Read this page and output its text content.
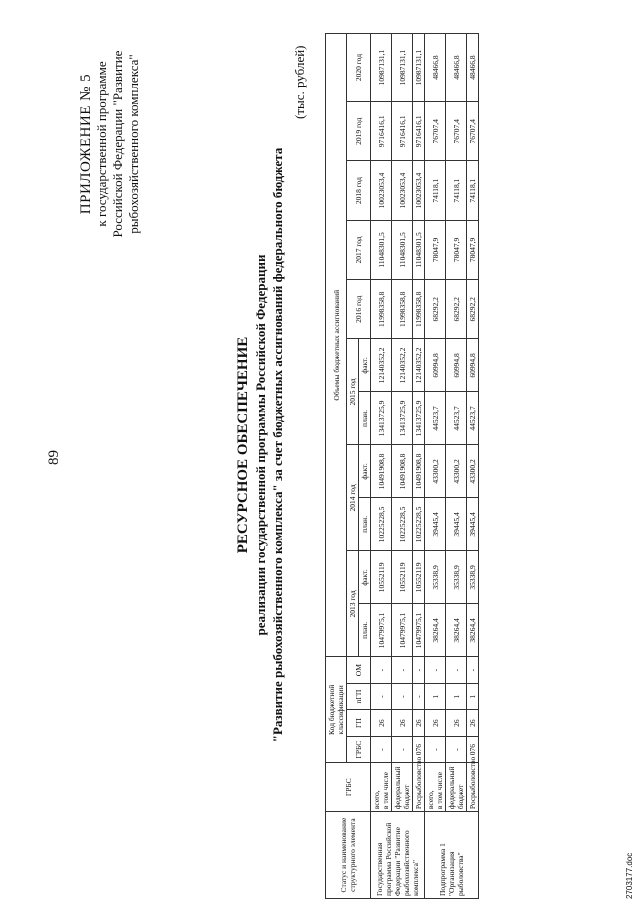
89
ПРИЛОЖЕНИЕ № 5 к государственной программе Российской Федерации "Развитие рыбохозяйственного комплекса"
РЕСУРСНОЕ ОБЕСПЕЧЕНИЕ реализации государственной программы Российской Федерации "Развитие рыбохозяйственного комплекса" за счет бюджетных ассигнований федерального бюджета
(тыс. рублей)
Статус и наименование структурного элемента	ГРБС	Код бюджетной классификации				Объемы бюджетных ассигнований										
		ГРБС	ГП	пГП	ОМ	2013 год		2014 год		2015 год		2016 год	2017 год	2018 год	2019 год	2020 год
						план.	факт.	план.	факт.	план.	факт.					
Государственная программа Российской Федерации "Развитие рыбохозяйственного комплекса"	всего, в том числе	-	26	-	-	10479975,1	10552119	10225228,5	10491908,8	13413725,9	12140352,2	11998358,8	11048301,5	10023053,4	9716416,1	10987131,1

	федеральный бюджет	-	26	-	-	10479975,1	10552119	10225228,5	10491908,8	13413725,9	12140352,2	11998358,8	11048301,5	10023053,4	9716416,1	10987131,1

	Росрыболовство	076	26	-	-	10479975,1	10552119	10225228,5	10491908,8	13413725,9	12140352,2	11998358,8	11048301,5	10023053,4	9716416,1	10987131,1
Подпрограмма 1 "Организация рыболовства"	всего, в том числе	-	26	1	-	38264,4	35338,9	39445,4	43300,2	44523,7	60994,8	68292,2	78047,9	74118,1	76707,4	48466,8

	федеральный бюджет	-	26	1	-	38264,4	35338,9	39445,4	43300,2	44523,7	60994,8	68292,2	78047,9	74118,1	76707,4	48466,8

	Росрыболовство	076	26	1	-	38264,4	35338,9	39445,4	43300,2	44523,7	60994,8	68292,2	78047,9	74118,1	76707,4	48466,8
2703177.doc
